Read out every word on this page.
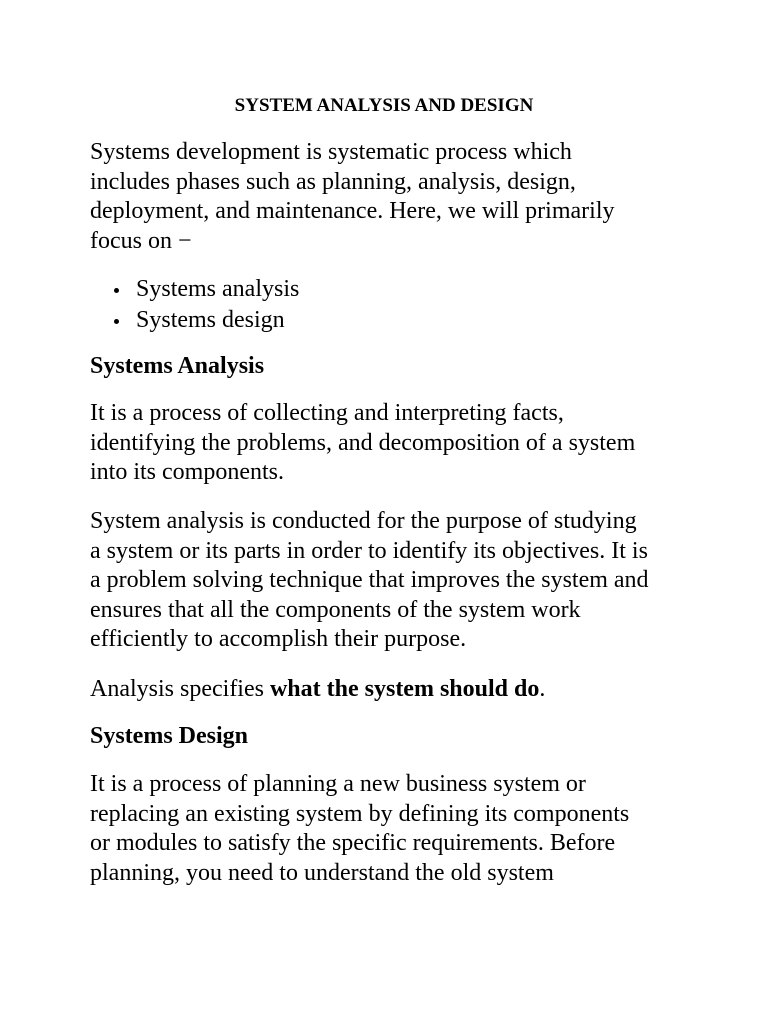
SYSTEM ANALYSIS AND DESIGN

Systems development is systematic process which
includes phases such as planning, analysis, design,
deployment, and maintenance. Here, we will primarily
focus on −

Systems analysis
Systems design
Systems Analysis

It is a process of collecting and interpreting facts,
identifying the problems, and decomposition of a system
into its components.

System analysis is conducted for the purpose of studying
a system or its parts in order to identify its objectives. It is
a problem solving technique that improves the system and
ensures that all the components of the system work
efficiently to accomplish their purpose.

Analysis specifies what the system should do.

Systems Design

It is a process of planning a new business system or
replacing an existing system by defining its components
or modules to satisfy the specific requirements. Before
planning, you need to understand the old system
